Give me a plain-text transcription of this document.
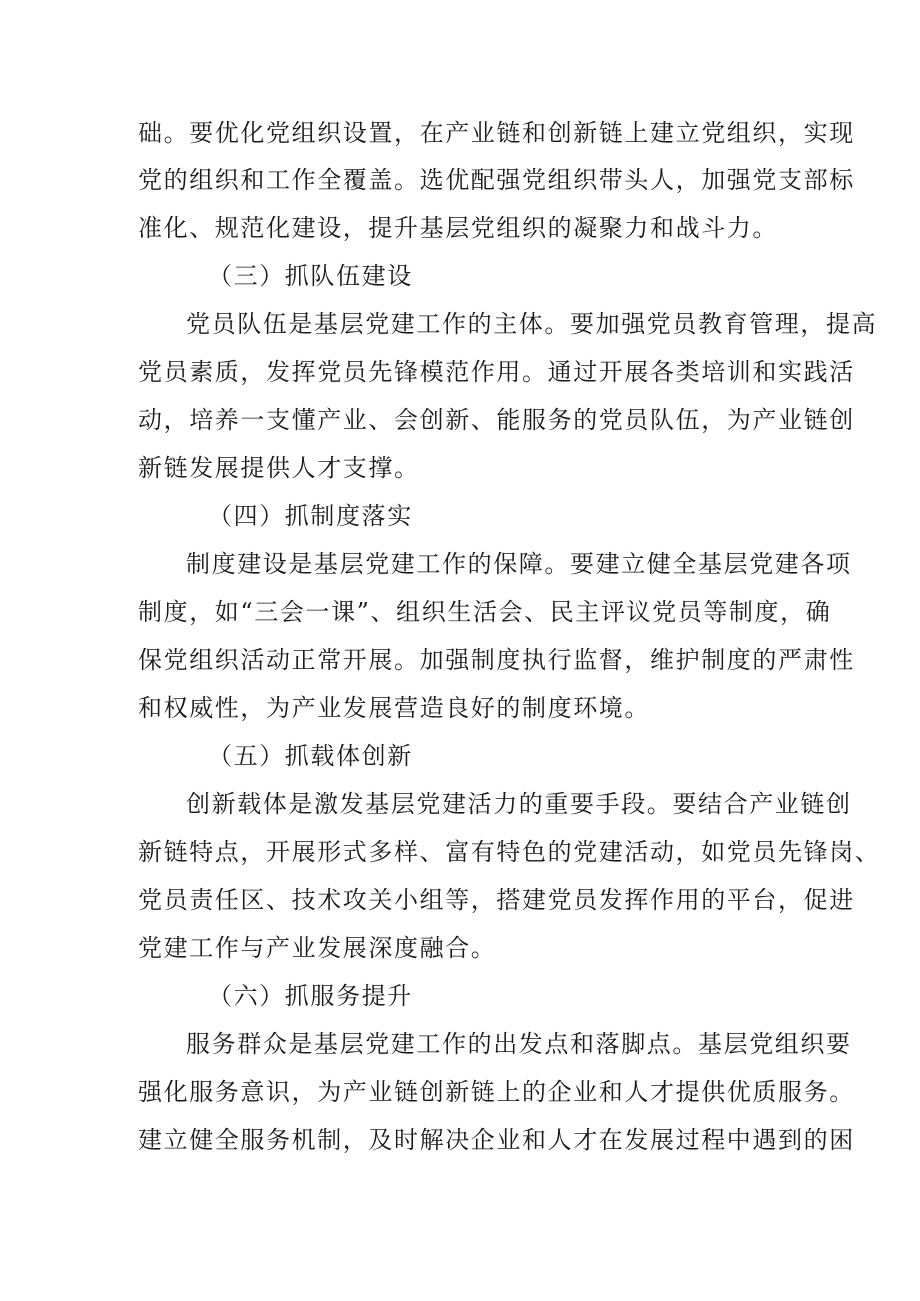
础。要优化党组织设置，在产业链和创新链上建立党组织，实现
党的组织和工作全覆盖。选优配强党组织带头人，加强党支部标
准化、规范化建设，提升基层党组织的凝聚力和战斗力。
（三）抓队伍建设
党员队伍是基层党建工作的主体。要加强党员教育管理，提高
党员素质，发挥党员先锋模范作用。通过开展各类培训和实践活
动，培养一支懂产业、会创新、能服务的党员队伍，为产业链创
新链发展提供人才支撑。
（四）抓制度落实
制度建设是基层党建工作的保障。要建立健全基层党建各项
制度，如“三会一课”、组织生活会、民主评议党员等制度，确
保党组织活动正常开展。加强制度执行监督，维护制度的严肃性
和权威性，为产业发展营造良好的制度环境。
（五）抓载体创新
创新载体是激发基层党建活力的重要手段。要结合产业链创
新链特点，开展形式多样、富有特色的党建活动，如党员先锋岗、
党员责任区、技术攻关小组等，搭建党员发挥作用的平台，促进
党建工作与产业发展深度融合。
（六）抓服务提升
服务群众是基层党建工作的出发点和落脚点。基层党组织要
强化服务意识，为产业链创新链上的企业和人才提供优质服务。
建立健全服务机制，及时解决企业和人才在发展过程中遇到的困
